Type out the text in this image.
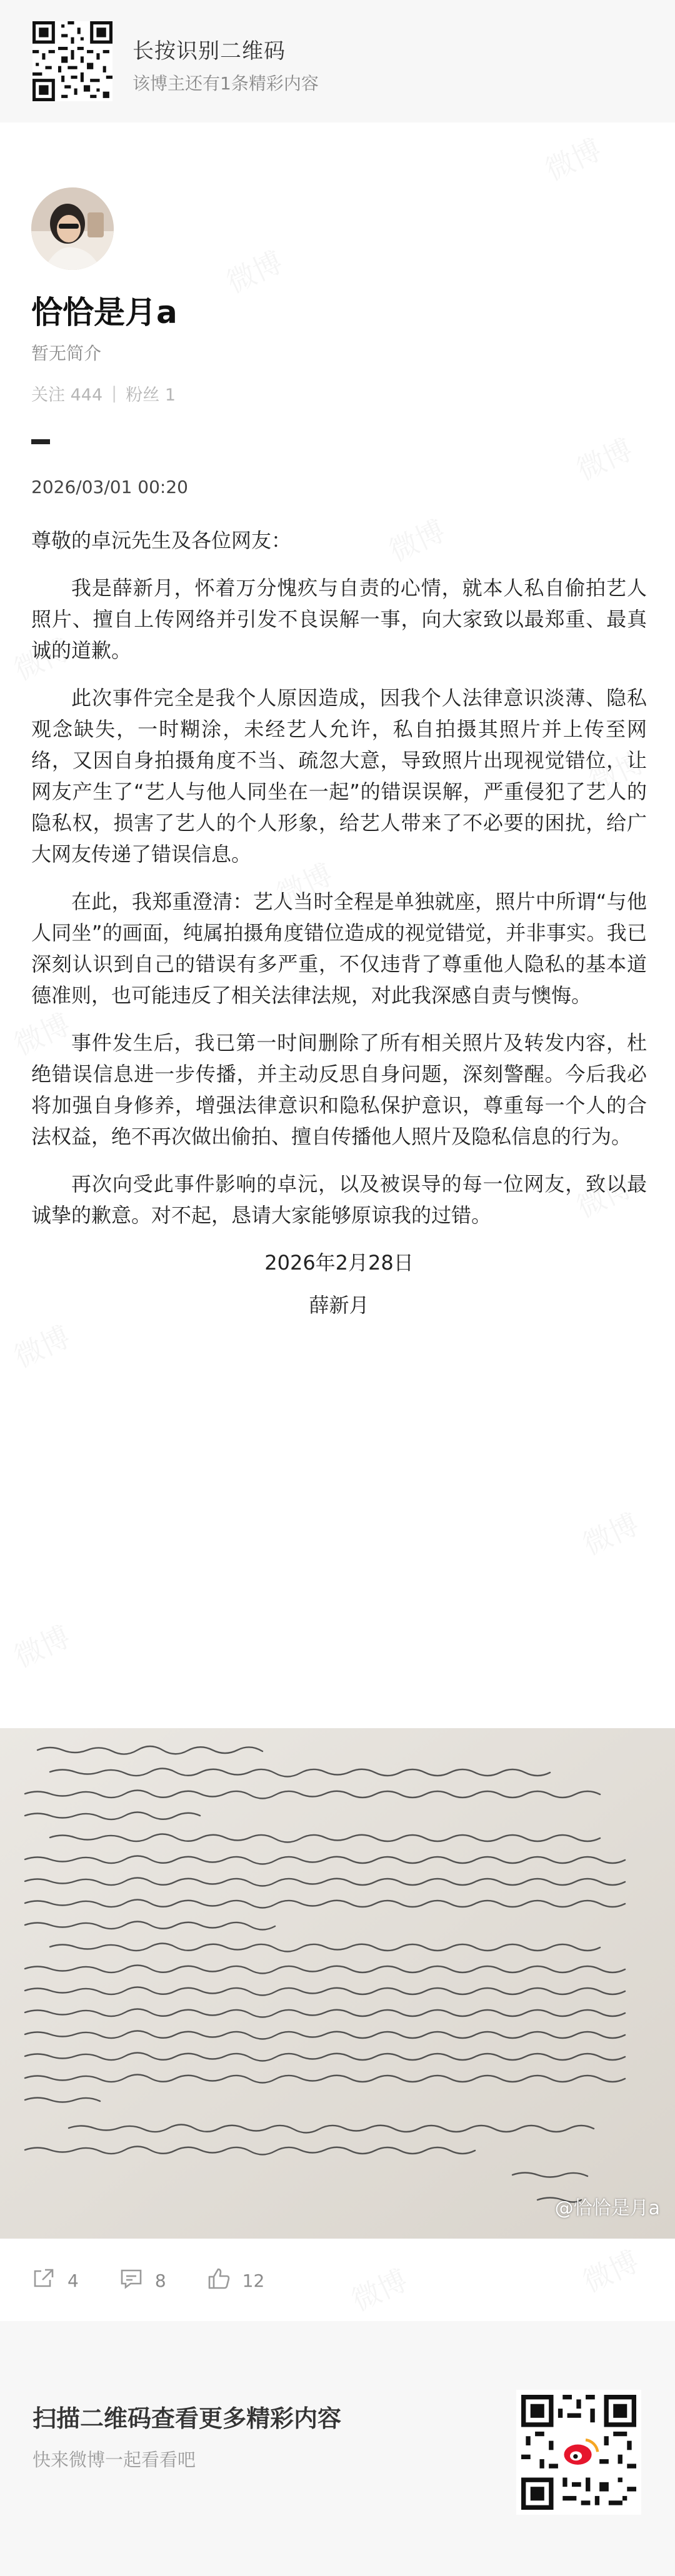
长按识别二维码
该博主还有1条精彩内容
恰恰是月a
暂无简介
关注 444 | 粉丝 1
2026/03/01 00:20

尊敬的卓沅先生及各位网友：

我是薛新月，怀着万分愧疚与自责的心情，就本人私自偷拍艺人照片、擅自上传网络并引发不良误解一事，向大家致以最郑重、最真诚的道歉。

此次事件完全是我个人原因造成，因我个人法律意识淡薄、隐私观念缺失，一时糊涂，未经艺人允许，私自拍摄其照片并上传至网络，又因自身拍摄角度不当、疏忽大意，导致照片出现视觉错位，让网友产生了“艺人与他人同坐在一起”的错误误解，严重侵犯了艺人的隐私权，损害了艺人的个人形象，给艺人带来了不必要的困扰，给广大网友传递了错误信息。

在此，我郑重澄清：艺人当时全程是单独就座，照片中所谓“与他人同坐”的画面，纯属拍摄角度错位造成的视觉错觉，并非事实。我已深刻认识到自己的错误有多严重，不仅违背了尊重他人隐私的基本道德准则，也可能违反了相关法律法规，对此我深感自责与懊悔。

事件发生后，我已第一时间删除了所有相关照片及转发内容，杜绝错误信息进一步传播，并主动反思自身问题，深刻警醒。今后我必将加强自身修养，增强法律意识和隐私保护意识，尊重每一个人的合法权益，绝不再次做出偷拍、擅自传播他人照片及隐私信息的行为。

再次向受此事件影响的卓沅，以及被误导的每一位网友，致以最诚挚的歉意。对不起，恳请大家能够原谅我的过错。

2026年2月28日

薛新月

@恰恰是月a
4	8	12
扫描二维码查看更多精彩内容
快来微博一起看看吧
